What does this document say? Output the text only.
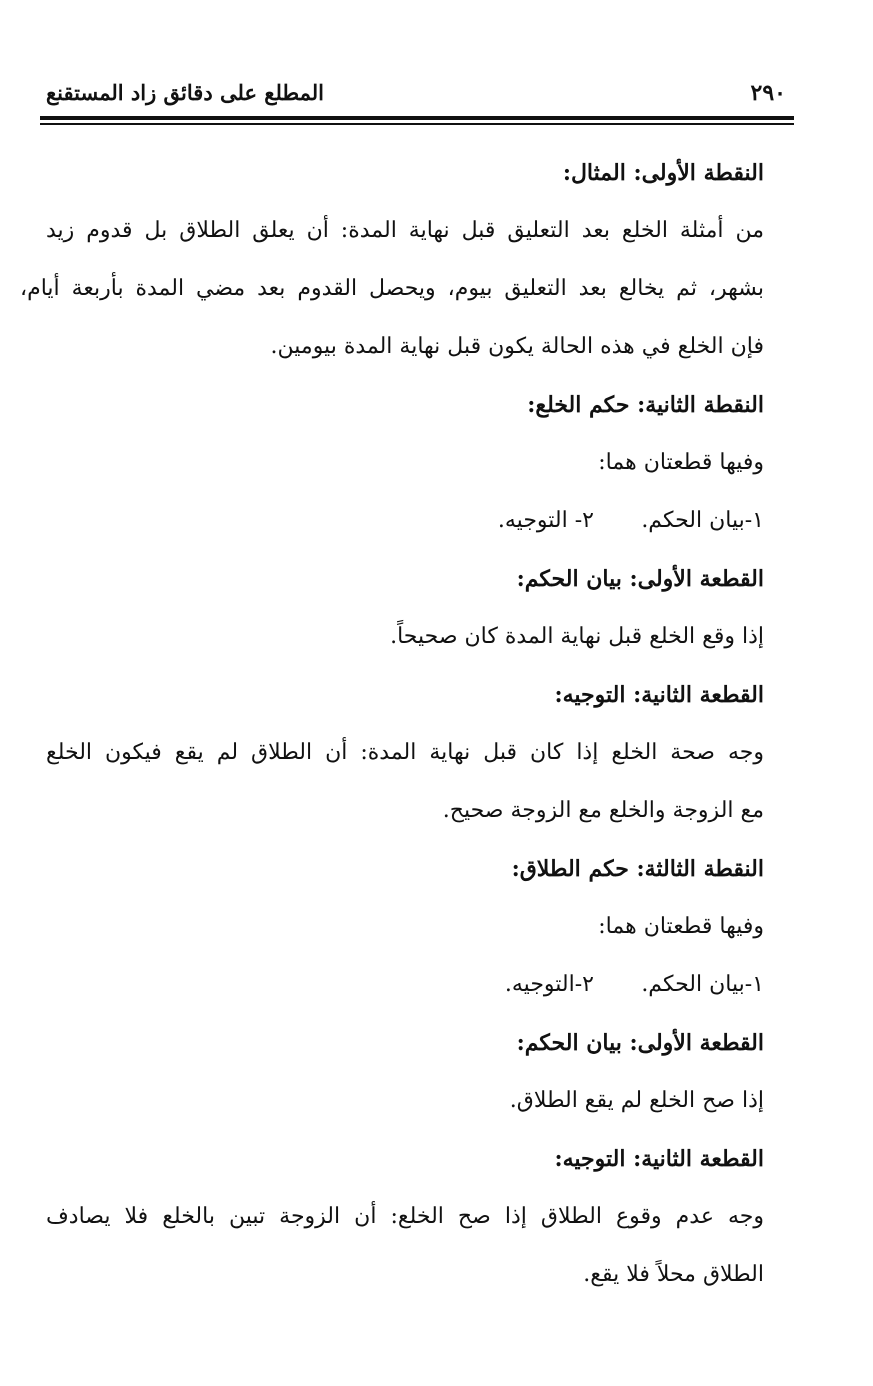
٢٩٠
المطلع على دقائق زاد المستقنع
النقطة الأولى: المثال:
من أمثلة الخلع بعد التعليق قبل نهاية المدة: أن يعلق الطلاق بل قدوم زيد
بشهر، ثم يخالع بعد التعليق بيوم، ويحصل القدوم بعد مضي المدة بأربعة أيام،
فإن الخلع في هذه الحالة يكون قبل نهاية المدة بيومين.
النقطة الثانية: حكم الخلع:
وفيها قطعتان هما:
١-بيان الحكم.
٢- التوجيه.
القطعة الأولى: بيان الحكم:
إذا وقع الخلع قبل نهاية المدة كان صحيحاً.
القطعة الثانية: التوجيه:
وجه صحة الخلع إذا كان قبل نهاية المدة: أن الطلاق لم يقع فيكون الخلع
مع الزوجة والخلع مع الزوجة صحيح.
النقطة الثالثة: حكم الطلاق:
وفيها قطعتان هما:
١-بيان الحكم.
٢-التوجيه.
القطعة الأولى: بيان الحكم:
إذا صح الخلع لم يقع الطلاق.
القطعة الثانية: التوجيه:
وجه عدم وقوع الطلاق إذا صح الخلع: أن الزوجة تبين بالخلع فلا يصادف
الطلاق محلاً فلا يقع.
